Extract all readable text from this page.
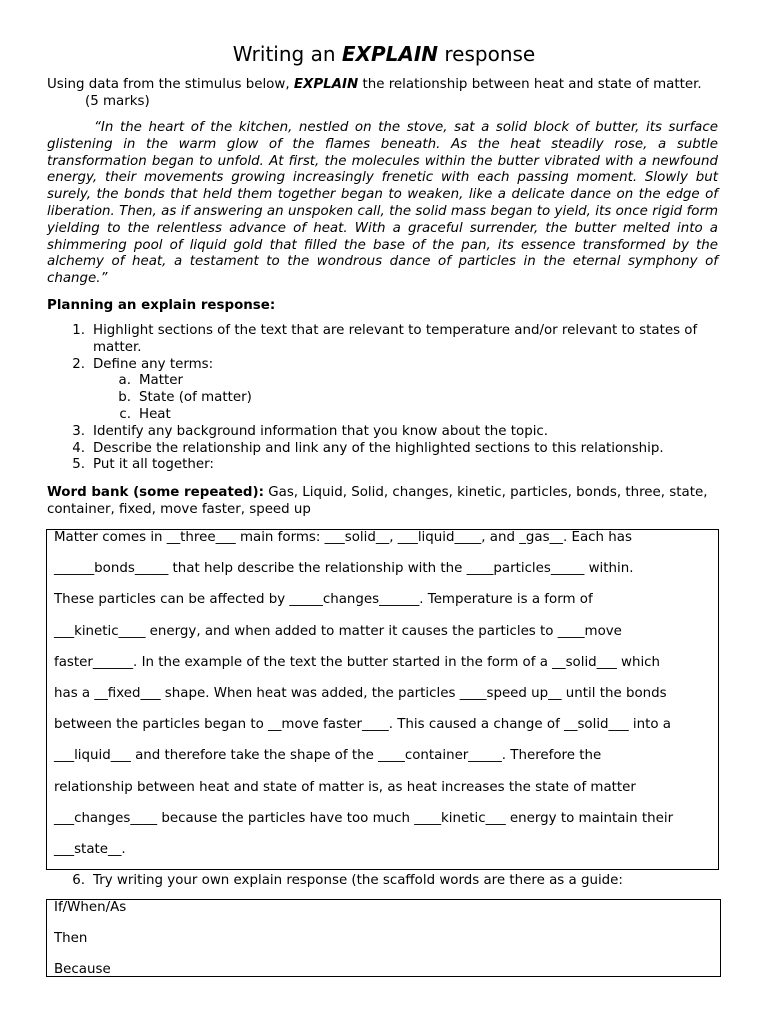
Writing an EXPLAIN response
Using data from the stimulus below, EXPLAIN the relationship between heat and state of matter.(5 marks)
“In the heart of the kitchen, nestled on the stove, sat a solid block of butter, its surface glistening in the warm glow of the flames beneath. As the heat steadily rose, a subtle transformation began to unfold. At first, the molecules within the butter vibrated with a newfound energy, their movements growing increasingly frenetic with each passing moment. Slowly but surely, the bonds that held them together began to weaken, like a delicate dance on the edge of liberation. Then, as if answering an unspoken call, the solid mass began to yield, its once rigid form yielding to the relentless advance of heat. With a graceful surrender, the butter melted into a shimmering pool of liquid gold that filled the base of the pan, its essence transformed by the alchemy of heat, a testament to the wondrous dance of particles in the eternal symphony of change.”
Planning an explain response:
1. Highlight sections of the text that are relevant to temperature and/or relevant to states of matter.
2. Define any terms:
a. Matter
b. State (of matter)
c. Heat
3. Identify any background information that you know about the topic.
4. Describe the relationship and link any of the highlighted sections to this relationship.
5. Put it all together:
Word bank (some repeated): Gas, Liquid, Solid, changes, kinetic, particles, bonds, three, state, container, fixed, move faster, speed up
Matter comes in __three___ main forms: ___solid__, ___liquid____, and _gas__. Each has
______bonds_____ that help describe the relationship with the ____particles_____ within.
These particles can be affected by _____changes______. Temperature is a form of
___kinetic____ energy, and when added to matter it causes the particles to ____move
faster______. In the example of the text the butter started in the form of a __solid___ which
has a __fixed___ shape. When heat was added, the particles ____speed up__ until the bonds
between the particles began to __move faster____. This caused a change of __solid___ into a
___liquid___ and therefore take the shape of the ____container_____. Therefore the
relationship between heat and state of matter is, as heat increases the state of matter
___changes____ because the particles have too much ____kinetic___ energy to maintain their
___state__.
6. Try writing your own explain response (the scaffold words are there as a guide:
If/When/As
Then
Because
